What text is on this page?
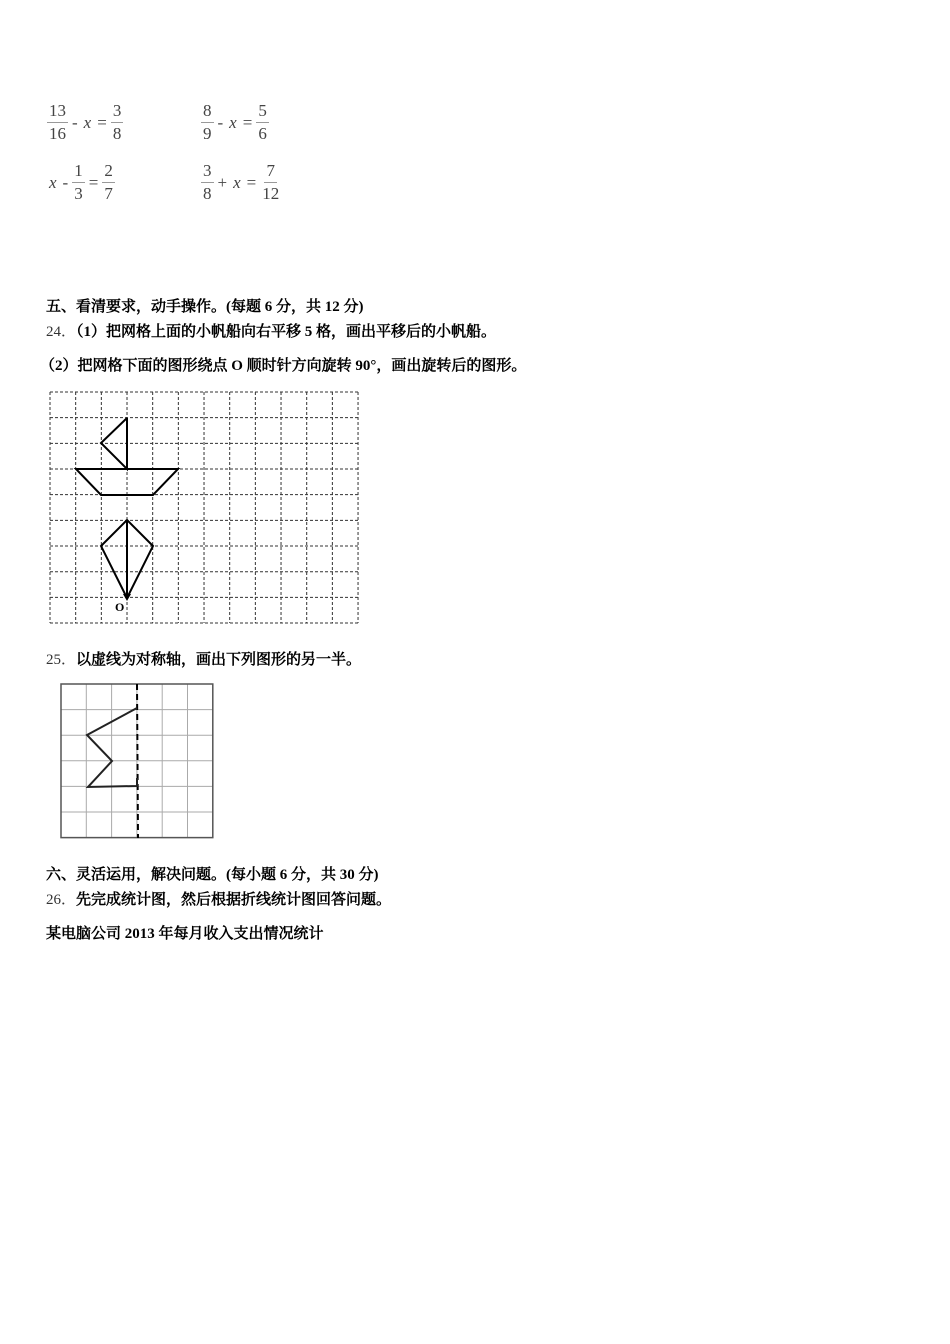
$\frac{13}{16} - x = \frac{3}{8}$	$\frac{8}{9} - x = \frac{5}{6}$
$x - \frac{1}{3} = \frac{2}{7}$	$\frac{3}{8} + x = \frac{7}{12}$
五、看清要求，动手操作。(每题 6 分，共 12 分)
24．（1）把网格上面的小帆船向右平移 5 格，画出平移后的小帆船。
（2）把网格下面的图形绕点 O 顺时针方向旋转 90°，画出旋转后的图形。
O
25．以虚线为对称轴，画出下列图形的另一半。
六、灵活运用，解决问题。(每小题 6 分，共 30 分)
26．先完成统计图，然后根据折线统计图回答问题。
某电脑公司 2013 年每月收入支出情况统计
